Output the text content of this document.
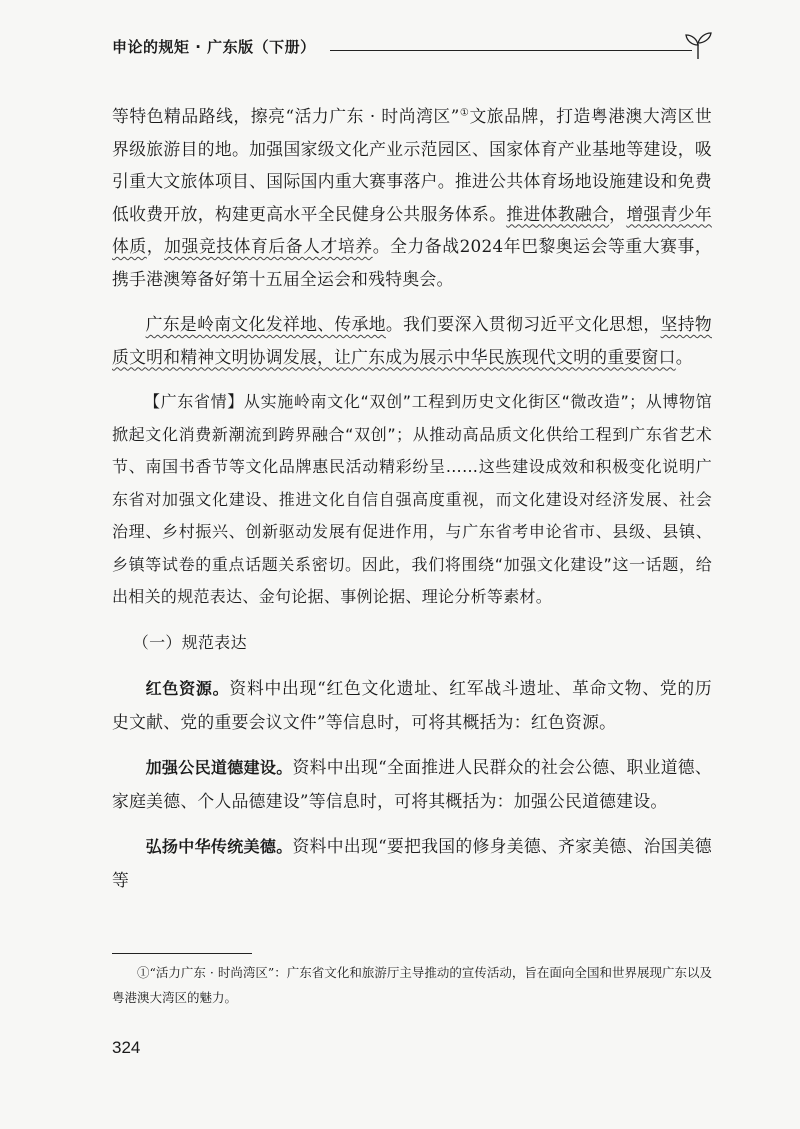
申论的规矩 · 广东版（下册）

等特色精品路线，擦亮“活力广东 · 时尚湾区”①文旅品牌，打造粤港澳大湾区世界级旅游目的地。加强国家级文化产业示范园区、国家体育产业基地等建设，吸引重大文旅体项目、国际国内重大赛事落户。推进公共体育场地设施建设和免费低收费开放，构建更高水平全民健身公共服务体系。推进体教融合，增强青少年体质，加强竞技体育后备人才培养。全力备战2024年巴黎奥运会等重大赛事，携手港澳筹备好第十五届全运会和残特奥会。

广东是岭南文化发祥地、传承地。我们要深入贯彻习近平文化思想，坚持物质文明和精神文明协调发展，让广东成为展示中华民族现代文明的重要窗口。

【广东省情】从实施岭南文化“双创”工程到历史文化街区“微改造”；从博物馆掀起文化消费新潮流到跨界融合“双创”；从推动高品质文化供给工程到广东省艺术节、南国书香节等文化品牌惠民活动精彩纷呈……这些建设成效和积极变化说明广东省对加强文化建设、推进文化自信自强高度重视，而文化建设对经济发展、社会治理、乡村振兴、创新驱动发展有促进作用，与广东省考申论省市、县级、县镇、乡镇等试卷的重点话题关系密切。因此，我们将围绕“加强文化建设”这一话题，给出相关的规范表达、金句论据、事例论据、理论分析等素材。

（一）规范表达

红色资源。资料中出现“红色文化遗址、红军战斗遗址、革命文物、党的历史文献、党的重要会议文件”等信息时，可将其概括为：红色资源。

加强公民道德建设。资料中出现“全面推进人民群众的社会公德、职业道德、家庭美德、个人品德建设”等信息时，可将其概括为：加强公民道德建设。

弘扬中华传统美德。资料中出现“要把我国的修身美德、齐家美德、治国美德等

①“活力广东 · 时尚湾区”：广东省文化和旅游厅主导推动的宣传活动，旨在面向全国和世界展现广东以及粤港澳大湾区的魅力。

324
